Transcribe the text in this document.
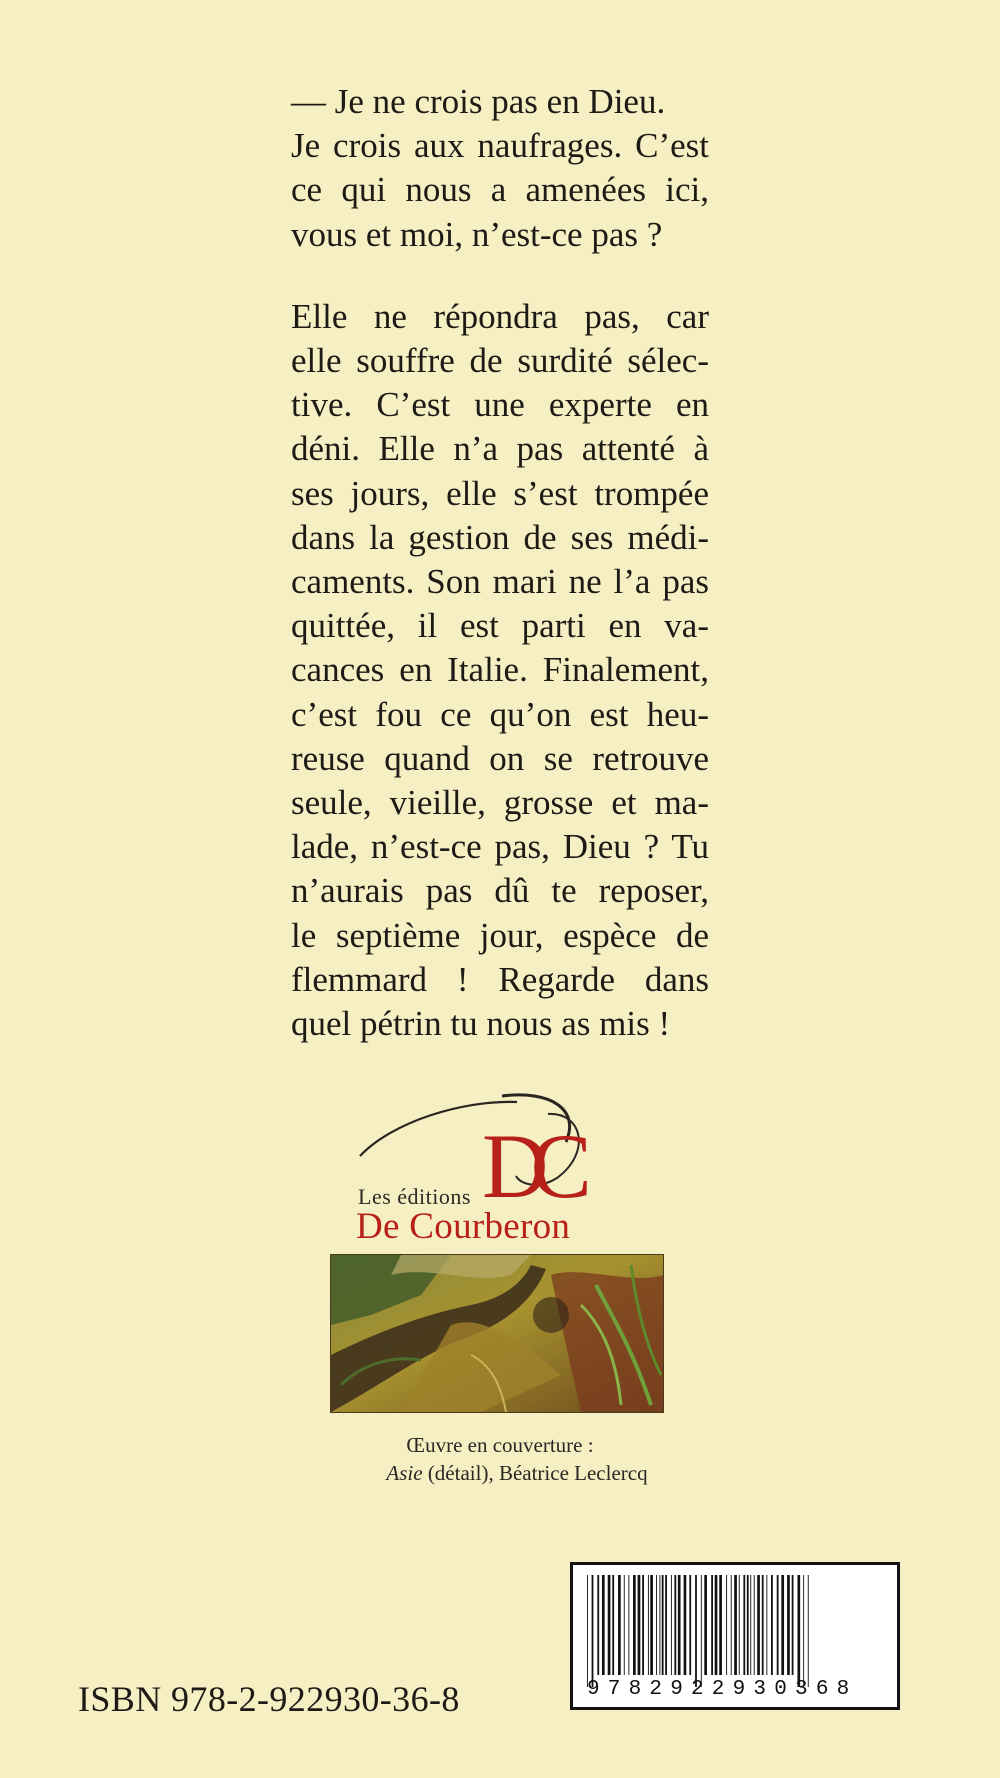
— Je ne crois pas en Dieu.
Je crois aux naufrages. C’est
ce qui nous a amenées ici,
vous et moi, n’est-ce pas ?

Elle ne répondra pas, car
elle souffre de surdité sélec-
tive. C’est une experte en
déni. Elle n’a pas attenté à
ses jours, elle s’est trompée
dans la gestion de ses médi-
caments. Son mari ne l’a pas
quittée, il est parti en va-
cances en Italie. Finalement,
c’est fou ce qu’on est heu-
reuse quand on se retrouve
seule, vieille, grosse et ma-
lade, n’est-ce pas, Dieu ? Tu
n’aurais pas dû te reposer,
le septième jour, espèce de
flemmard ! Regarde dans
quel pétrin tu nous as mis !

DC
Les éditions
De Courberon
Œuvre en couverture :
Asie (détail), Béatrice Leclercq
9782922930368
ISBN 978-2-922930-36-8
